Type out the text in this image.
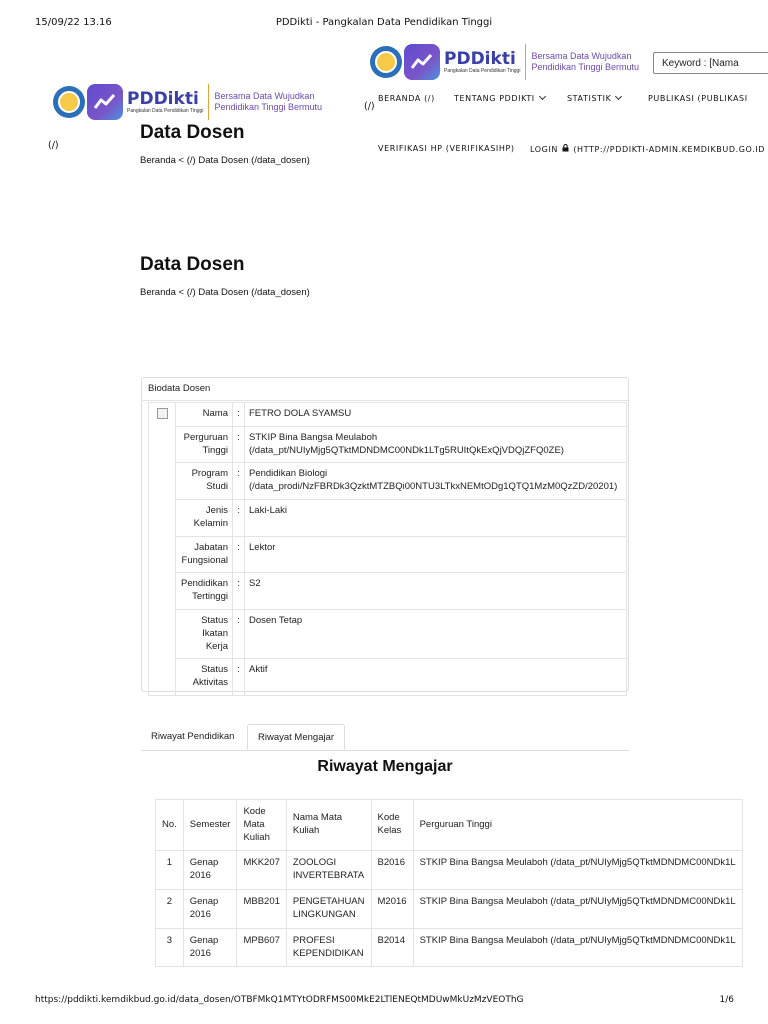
15/09/22 13.16	PDDikti - Pangkalan Data Pendidikan Tinggi
PDDikti
Pangkalan Data Pendidikan Tinggi
Bersama Data Wujudkan
Pendidikan Tinggi Bermutu	Keyword : [Nama
PDDikti
Pangkalan Data Pendidikan Tinggi
Bersama Data Wujudkan
Pendidikan Tinggi Bermutu
BERANDA (/) TENTANG PDDIKTI	STATISTIK	PUBLIKASI (PUBLIKASI
(/)
(/)	VERIFIKASI HP (VERIFIKASIHP) LOGIN (HTTP://PDDIKTI-ADMIN.KEMDIKBUD.GO.ID
Data Dosen
Beranda < (/) Data Dosen (/data_dosen)
Data Dosen
Beranda < (/) Data Dosen (/data_dosen)
Biodata Dosen
	Nama	:	FETRO DOLA SYAMSU
	Perguruan Tinggi	:	STKIP Bina Bangsa Meulaboh (/data_pt/NUIyMjg5QTktMDNDMC00NDk1LTg5RUItQkExQjVDQjZFQ0ZE)
	Program Studi	:	Pendidikan Biologi (/data_prodi/NzFBRDk3QzktMTZBQi00NTU3LTkxNEMtODg1QTQ1MzM0QzZD/20201)
	Jenis Kelamin	:	Laki-Laki
	Jabatan Fungsional	:	Lektor
	Pendidikan Tertinggi	:	S2
	Status Ikatan Kerja	:	Dosen Tetap
	Status Aktivitas	:	Aktif
Riwayat Pendidikan	Riwayat Mengajar
Riwayat Mengajar
No.	Semester	Kode Mata Kuliah	Nama Mata Kuliah	Kode Kelas	Perguruan Tinggi
1	Genap 2016	MKK207	ZOOLOGI INVERTEBRATA	B2016	STKIP Bina Bangsa Meulaboh (/data_pt/NUIyMjg5QTktMDNDMC00NDk1L
2	Genap 2016	MBB201	PENGETAHUAN LINGKUNGAN	M2016	STKIP Bina Bangsa Meulaboh (/data_pt/NUIyMjg5QTktMDNDMC00NDk1L
3	Genap 2016	MPB607	PROFESI KEPENDIDIKAN	B2014	STKIP Bina Bangsa Meulaboh (/data_pt/NUIyMjg5QTktMDNDMC00NDk1L
https://pddikti.kemdikbud.go.id/data_dosen/OTBFMkQ1MTYtODRFMS00MkE2LTlENEQtMDUwMkUzMzVEOThG	1/6
